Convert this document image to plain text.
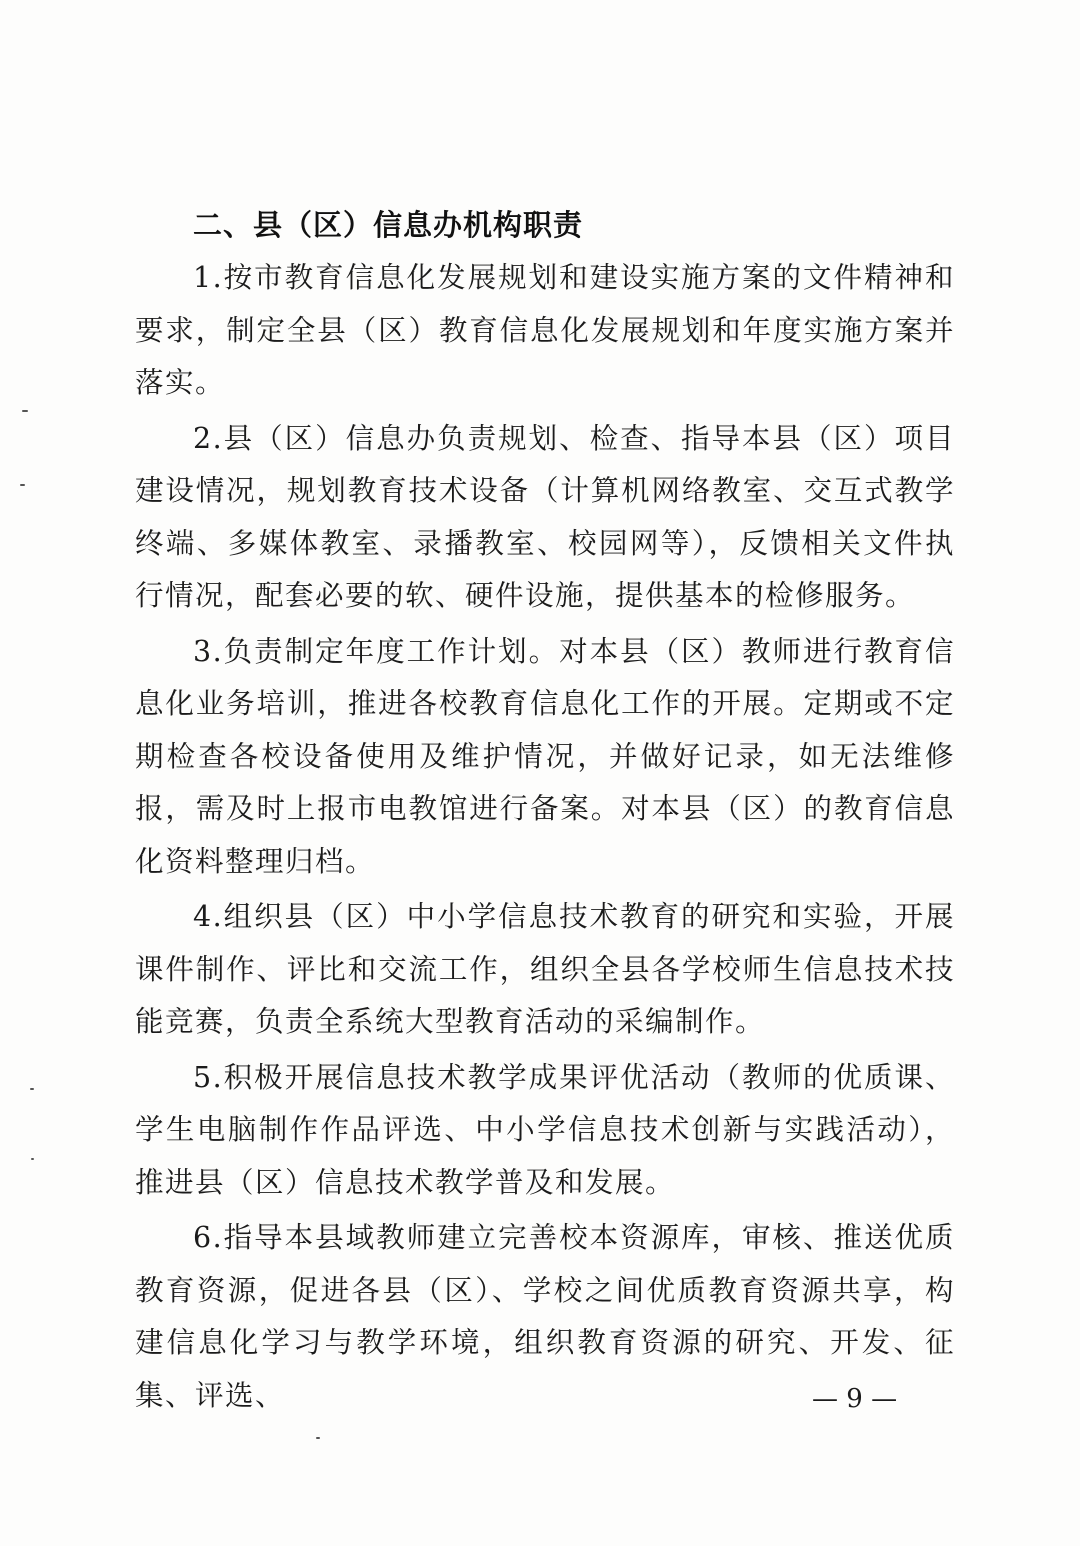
二、县（区）信息办机构职责

1.按市教育信息化发展规划和建设实施方案的文件精神和要求，制定全县（区）教育信息化发展规划和年度实施方案并落实。

2.县（区）信息办负责规划、检查、指导本县（区）项目建设情况，规划教育技术设备（计算机网络教室、交互式教学终端、多媒体教室、录播教室、校园网等），反馈相关文件执行情况，配套必要的软、硬件设施，提供基本的检修服务。

3.负责制定年度工作计划。对本县（区）教师进行教育信息化业务培训，推进各校教育信息化工作的开展。定期或不定期检查各校设备使用及维护情况，并做好记录，如无法维修报，需及时上报市电教馆进行备案。对本县（区）的教育信息化资料整理归档。

4.组织县（区）中小学信息技术教育的研究和实验，开展课件制作、评比和交流工作，组织全县各学校师生信息技术技能竞赛，负责全系统大型教育活动的采编制作。

5.积极开展信息技术教学成果评优活动（教师的优质课、学生电脑制作作品评选、中小学信息技术创新与实践活动），推进县（区）信息技术教学普及和发展。

6.指导本县域教师建立完善校本资源库，审核、推送优质教育资源，促进各县（区）、学校之间优质教育资源共享，构建信息化学习与教学环境，组织教育资源的研究、开发、征集、评选、	— 9 —
